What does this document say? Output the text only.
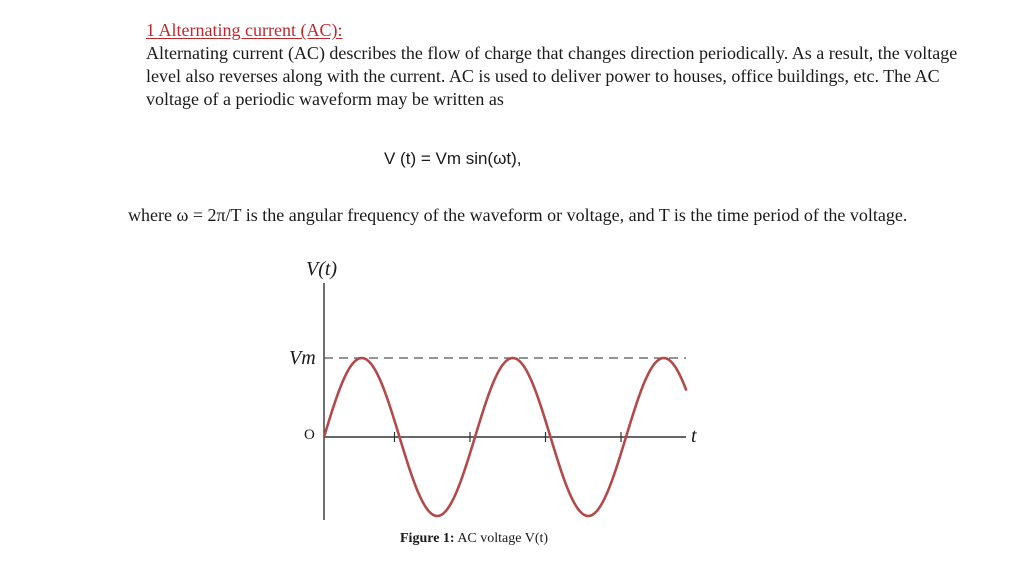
1 Alternating current (AC):
Alternating current (AC) describes the flow of charge that changes direction periodically. As a result, the voltage level also reverses along with the current. AC is used to deliver power to houses, office buildings, etc. The AC voltage of a periodic waveform may be written as
V (t) = Vm sin(ωt),
where ω = 2π/T is the angular frequency of the waveform or voltage, and T is the time period of the voltage.
V(t)
Vm
O	t
Figure 1: AC voltage V(t)
